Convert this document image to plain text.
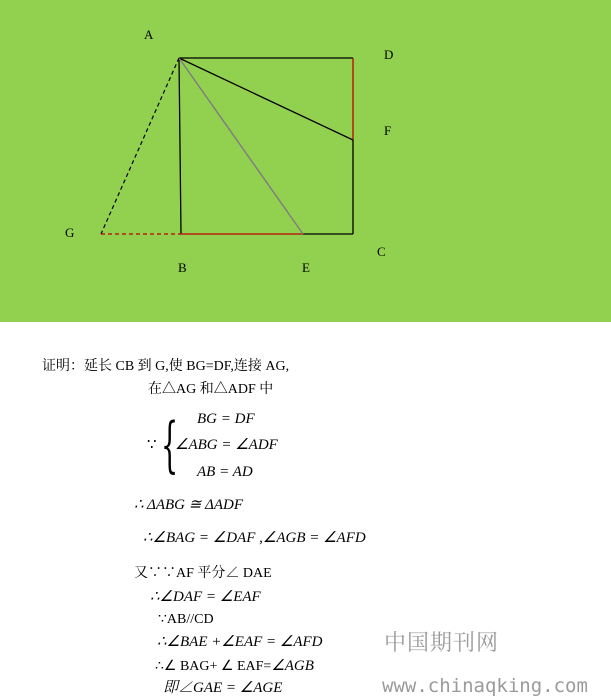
A
D
F
G
C
B	E
证明：延长 CB 到 G,使 BG=DF,连接 AG,
在△AG 和△ADF 中
∵ { BG = DF
∠ABG = ∠ADF
AB = AD
∴ ΔABG ≅ ΔADF
∴∠BAG = ∠DAF ,∠AGB = ∠AFD
又∵∵AF 平分∠ DAE
∴∠DAF = ∠EAF
∵AB//CD
∴∠BAE +∠EAF = ∠AFD
∴∠ BAG+ ∠ EAF=∠AGB
即∠GAE = ∠AGE
中国期刊网
www.chinaqking.com
